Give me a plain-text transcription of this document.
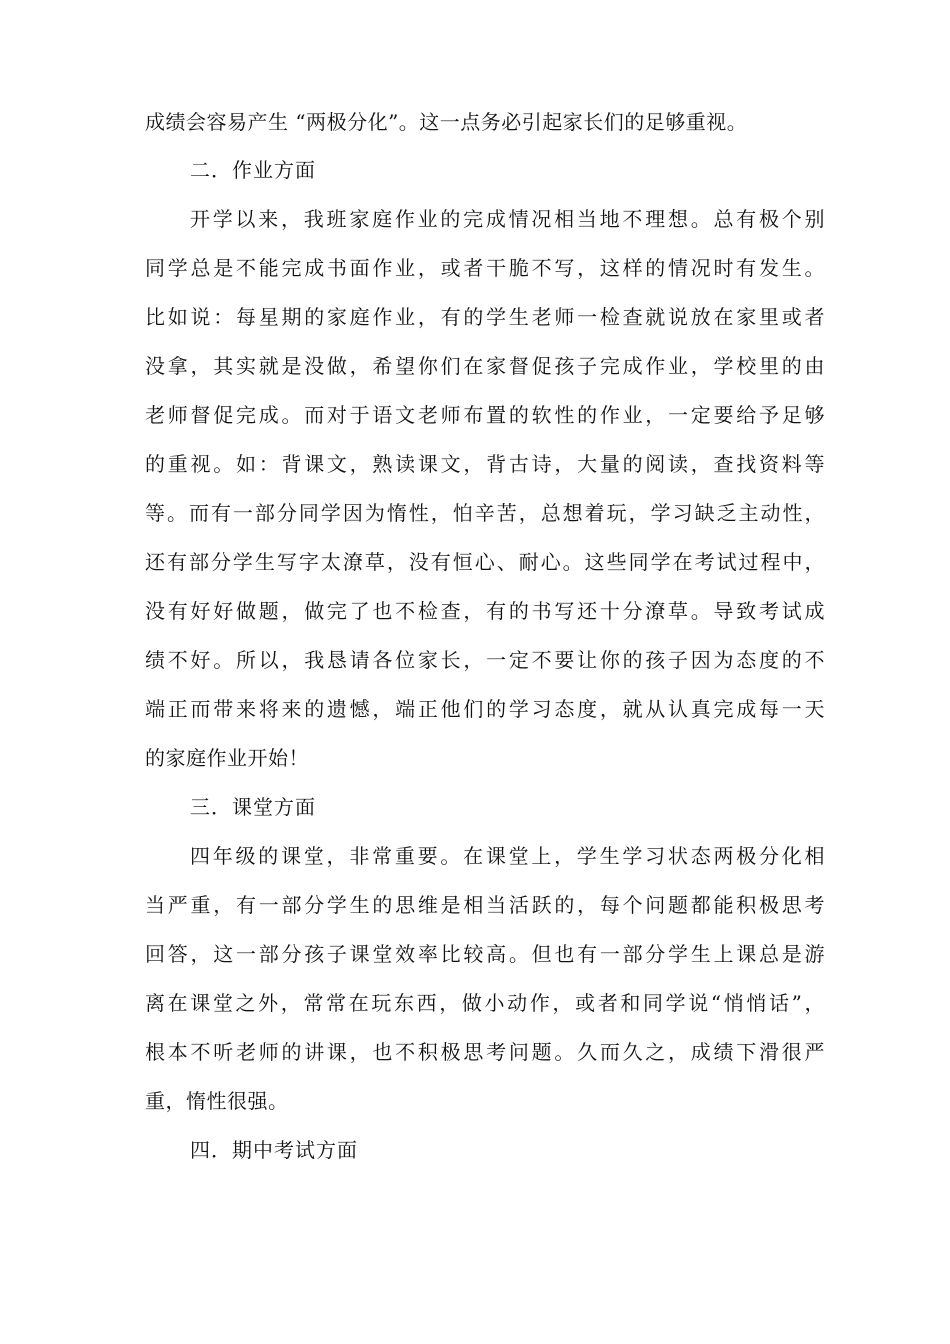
成绩会容易产生 “两极分化”。这一点务必引起家长们的足够重视。
二．作业方面
开学以来，我班家庭作业的完成情况相当地不理想。总有极个别
同学总是不能完成书面作业，或者干脆不写，这样的情况时有发生。
比如说：每星期的家庭作业，有的学生老师一检查就说放在家里或者
没拿，其实就是没做，希望你们在家督促孩子完成作业，学校里的由
老师督促完成。而对于语文老师布置的软性的作业，一定要给予足够
的重视。如：背课文，熟读课文，背古诗，大量的阅读，查找资料等
等。而有一部分同学因为惰性，怕辛苦，总想着玩，学习缺乏主动性，
还有部分学生写字太潦草，没有恒心、耐心。这些同学在考试过程中，
没有好好做题，做完了也不检查，有的书写还十分潦草。导致考试成
绩不好。所以，我恳请各位家长，一定不要让你的孩子因为态度的不
端正而带来将来的遗憾，端正他们的学习态度，就从认真完成每一天
的家庭作业开始！
三．课堂方面
四年级的课堂，非常重要。在课堂上，学生学习状态两极分化相
当严重，有一部分学生的思维是相当活跃的，每个问题都能积极思考
回答，这一部分孩子课堂效率比较高。但也有一部分学生上课总是游
离在课堂之外，常常在玩东西，做小动作，或者和同学说“悄悄话”，
根本不听老师的讲课，也不积极思考问题。久而久之，成绩下滑很严
重，惰性很强。
四．期中考试方面
